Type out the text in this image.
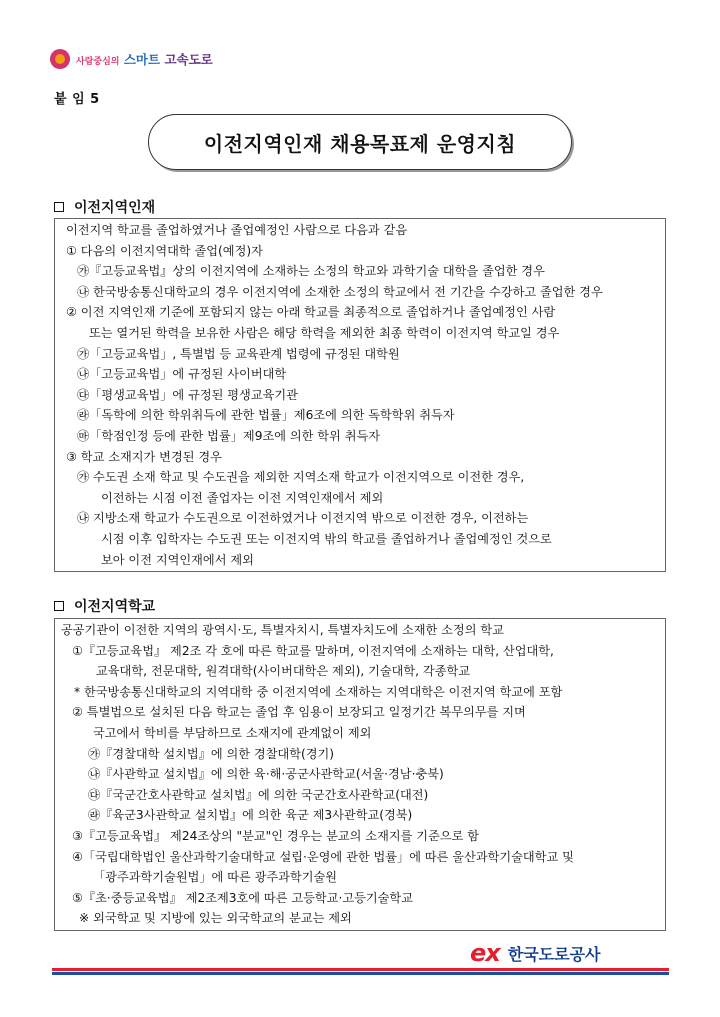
사람중심의 스마트 고속도로
붙 임 5
이전지역인재 채용목표제 운영지침
이전지역인재
이전지역 학교를 졸업하였거나 졸업예정인 사람으로 다음과 같음
① 다음의 이전지역대학 졸업(예정)자
㉮『고등교육법』상의 이전지역에 소재하는 소정의 학교와 과학기술 대학을 졸업한 경우
㉯ 한국방송통신대학교의 경우 이전지역에 소재한 소정의 학교에서 전 기간을 수강하고 졸업한 경우
② 이전 지역인재 기준에 포함되지 않는 아래 학교를 최종적으로 졸업하거나 졸업예정인 사람
또는 열거된 학력을 보유한 사람은 해당 학력을 제외한 최종 학력이 이전지역 학교일 경우
㉮「고등교육법」, 특별법 등 교육관계 법령에 규정된 대학원
㉯「고등교육법」에 규정된 사이버대학
㉰「평생교육법」에 규정된 평생교육기관
㉱「독학에 의한 학위취득에 관한 법률」제6조에 의한 독학학위 취득자
㉲「학점인정 등에 관한 법률」제9조에 의한 학위 취득자
③ 학교 소재지가 변경된 경우
㉮ 수도권 소재 학교 및 수도권을 제외한 지역소재 학교가 이전지역으로 이전한 경우,
이전하는 시점 이전 졸업자는 이전 지역인재에서 제외
㉯ 지방소재 학교가 수도권으로 이전하였거나 이전지역 밖으로 이전한 경우, 이전하는
시점 이후 입학자는 수도권 또는 이전지역 밖의 학교를 졸업하거나 졸업예정인 것으로
보아 이전 지역인재에서 제외
이전지역학교
공공기관이 이전한 지역의 광역시·도, 특별자치시, 특별자치도에 소재한 소정의 학교
①『고등교육법』 제2조 각 호에 따른 학교를 말하며, 이전지역에 소재하는 대학, 산업대학,
교육대학, 전문대학, 원격대학(사이버대학은 제외), 기술대학, 각종학교
* 한국방송통신대학교의 지역대학 중 이전지역에 소재하는 지역대학은 이전지역 학교에 포함
② 특별법으로 설치된 다음 학교는 졸업 후 임용이 보장되고 일정기간 복무의무를 지며
국고에서 학비를 부담하므로 소재지에 관계없이 제외
㉮『경찰대학 설치법』에 의한 경찰대학(경기)
㉯『사관학교 설치법』에 의한 육·해·공군사관학교(서울·경남·충북)
㉰『국군간호사관학교 설치법』에 의한 국군간호사관학교(대전)
㉱『육군3사관학교 설치법』에 의한 육군 제3사관학교(경북)
③『고등교육법』 제24조상의 "분교"인 경우는 분교의 소재지를 기준으로 함
④「국립대학법인 울산과학기술대학교 설립·운영에 관한 법률」에 따른 울산과학기술대학교 및
「광주과학기술원법」에 따른 광주과학기술원
⑤『초·중등교육법』 제2조제3호에 따른 고등학교·고등기술학교
※ 외국학교 및 지방에 있는 외국학교의 분교는 제외
ex 한국도로공사
